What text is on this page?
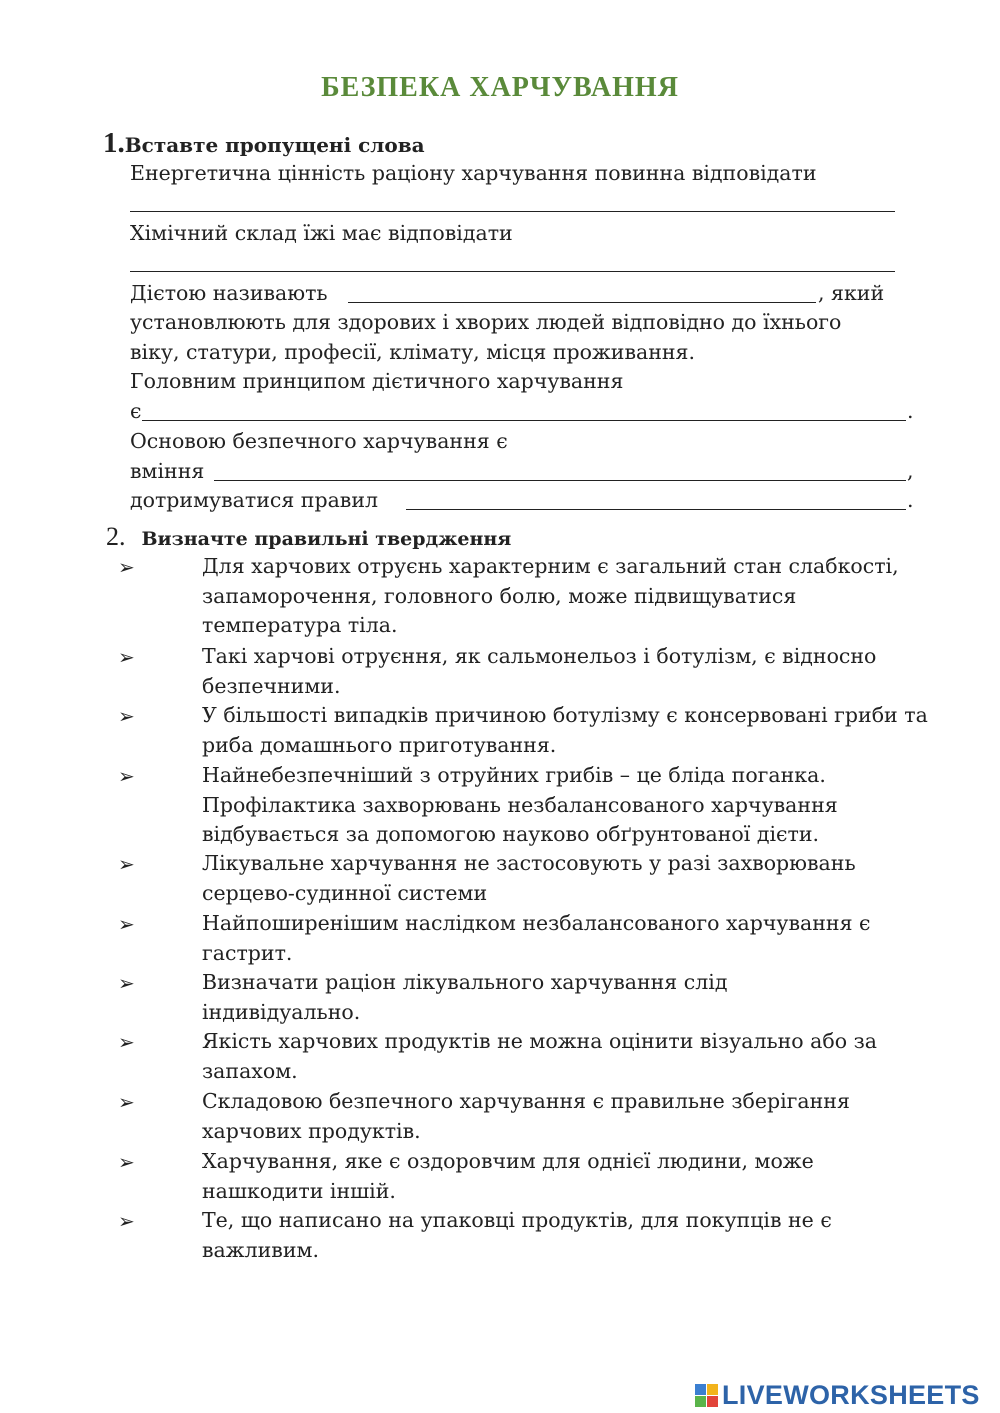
БЕЗПЕКА ХАРЧУВАННЯ
1.Вставте пропущені слова
Енергетична цінність раціону харчування повинна відповідати
Хімічний склад їжі має відповідати
Дієтою називають	, який
установлюють для здорових і хворих людей відповідно до їхнього
віку, статури, професії, клімату, місця проживання.
Головним принципом дієтичного харчування
є	.
Основою безпечного харчування є
вміння	,
дотримуватися правил	.
2. Визначте правильні твердження
➢	Для харчових отруєнь характерним є загальний стан слабкості, запаморочення, головного болю, може підвищуватися температура тіла.
➢	Такі харчові отруєння, як сальмонельоз і ботулізм, є відносно безпечними.
➢	У більшості випадків причиною ботулізму є консервовані гриби та риба домашнього приготування.
➢	Найнебезпечніший з отруйних грибів – це бліда поганка. Профілактика захворювань незбалансованого харчування відбувається за допомогою науково обґрунтованої дієти.
➢	Лікувальне харчування не застосовують у разі захворювань серцево-судинної системи
➢	Найпоширенішим наслідком незбалансованого харчування є гастрит.
➢	Визначати раціон лікувального харчування слід індивідуально.
➢	Якість харчових продуктів не можна оцінити візуально або за запахом.
➢	Складовою безпечного харчування є правильне зберігання харчових продуктів.
➢	Харчування, яке є оздоровчим для однієї людини, може нашкодити іншій.
➢	Те, що написано на упаковці продуктів, для покупців не є важливим.
LIVEWORKSHEETS
